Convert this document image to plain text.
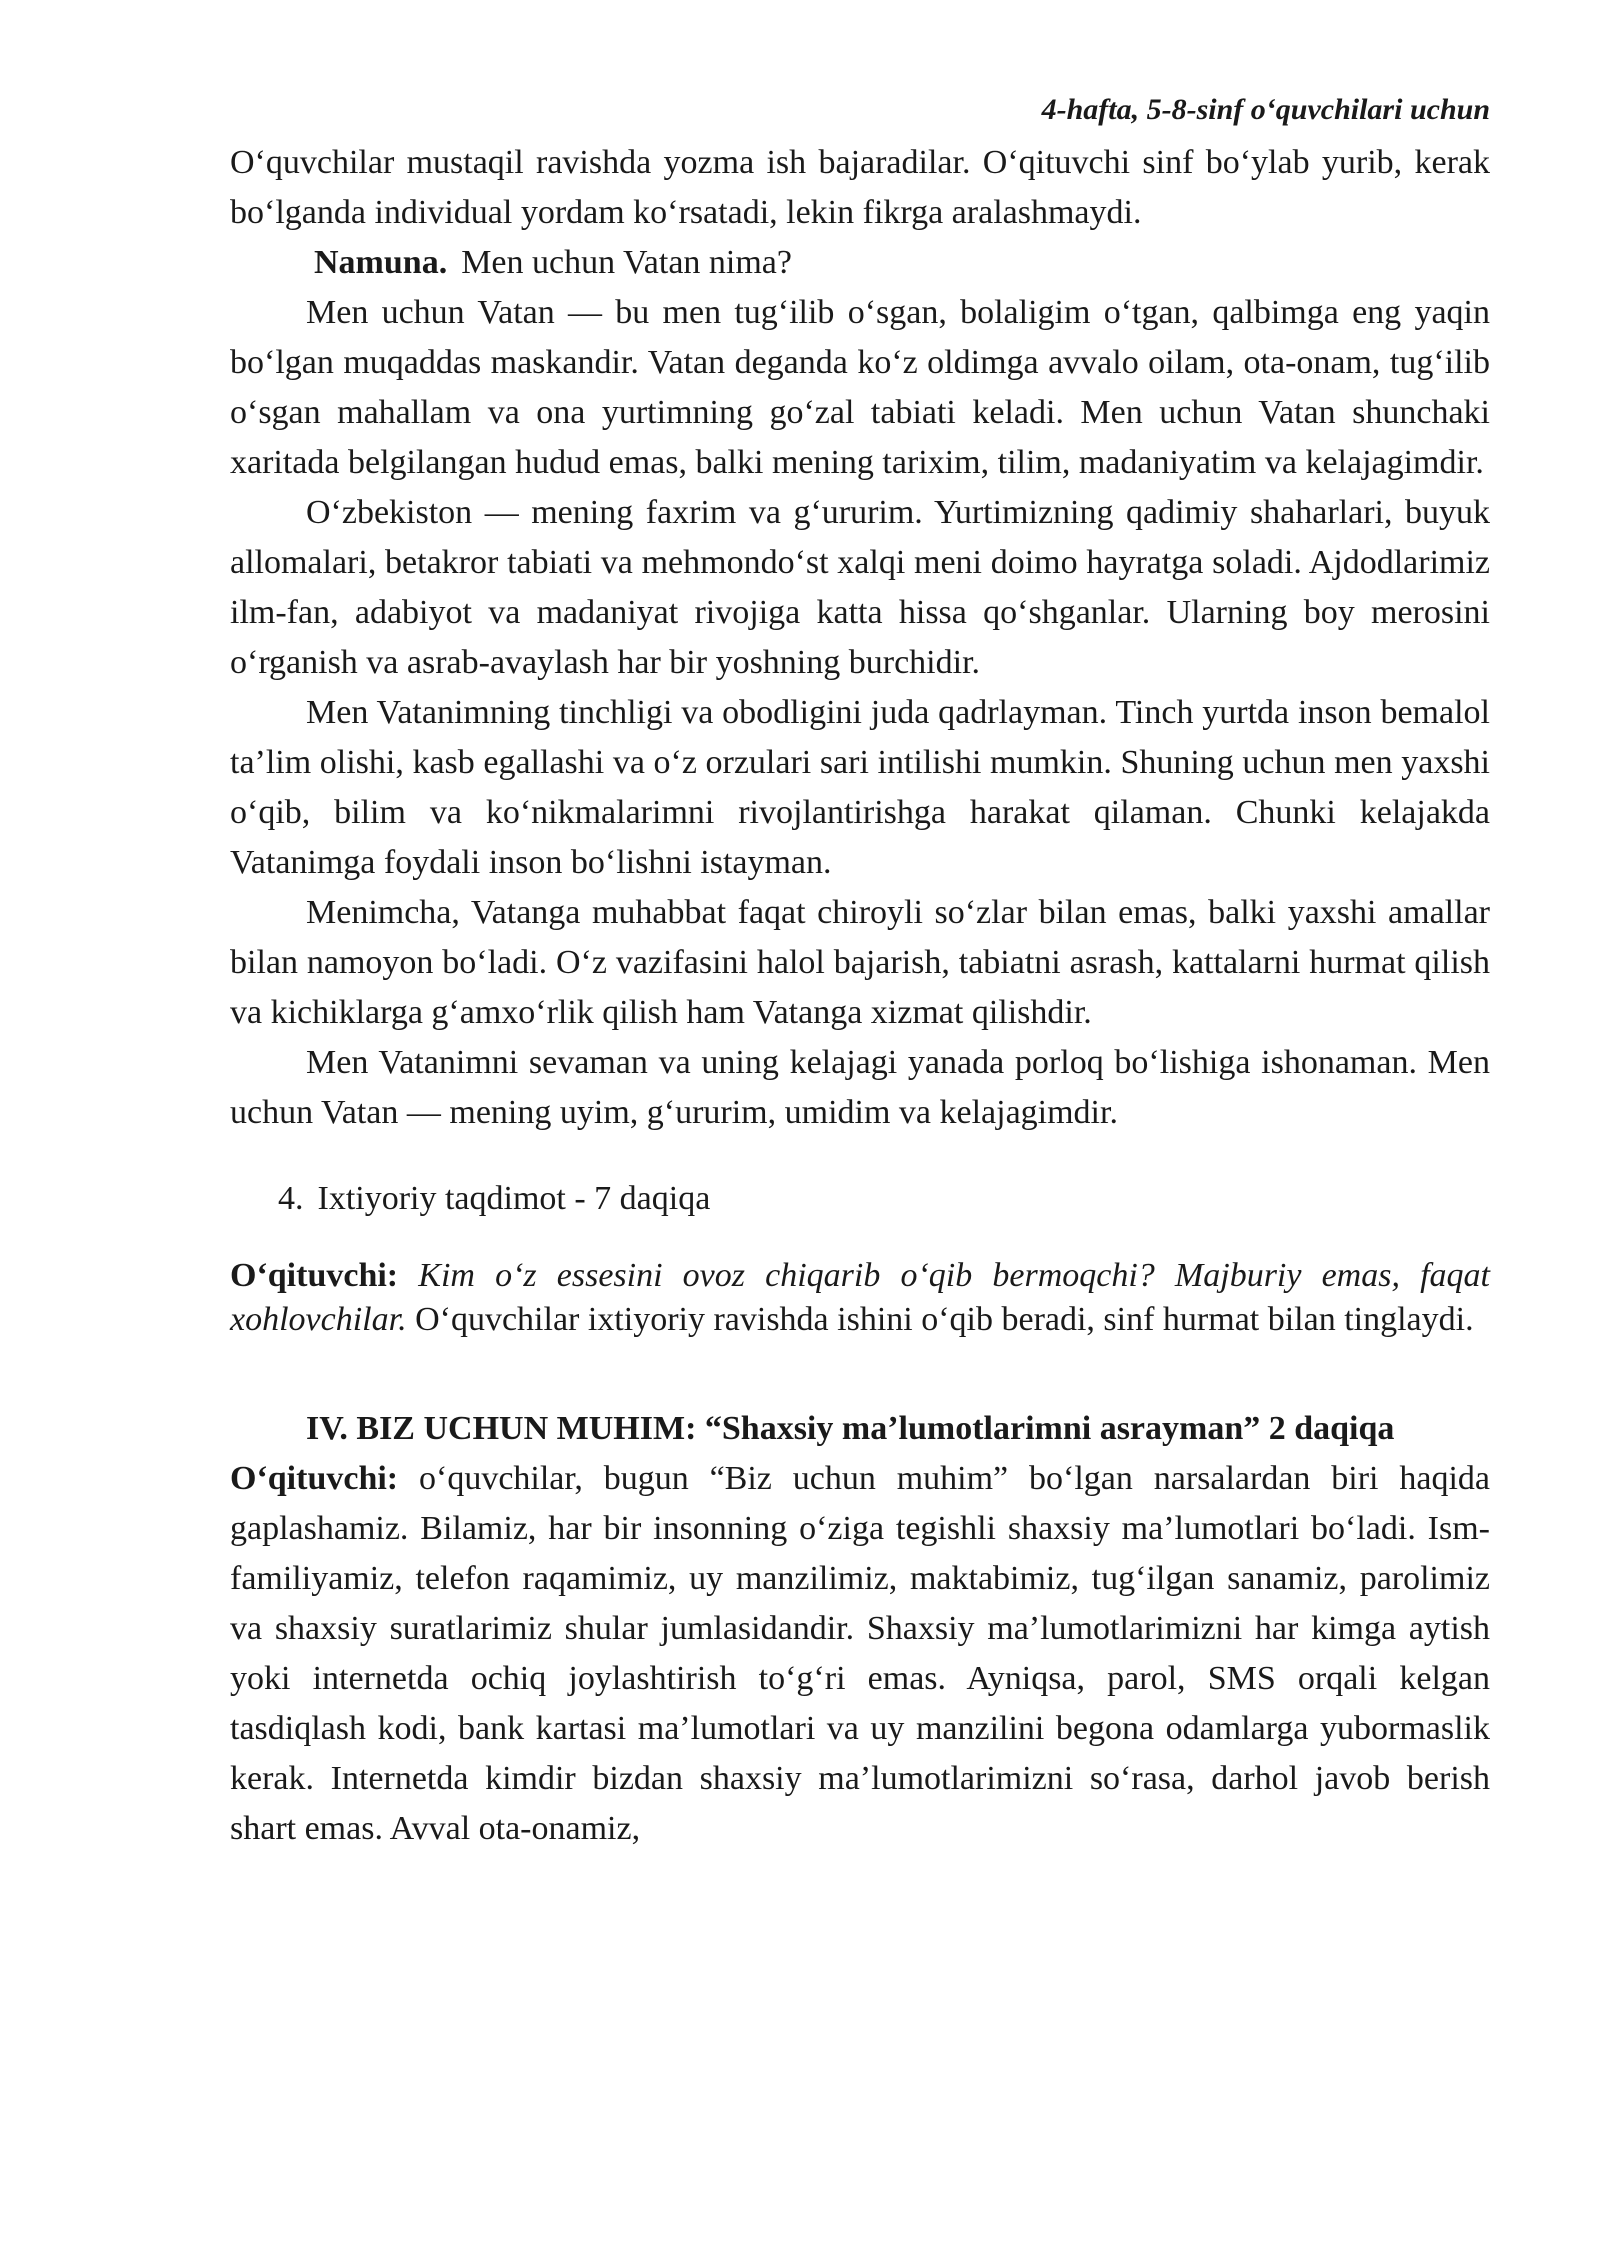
4-hafta, 5-8-sinf o‘quvchilari uchun

O‘quvchilar mustaqil ravishda yozma ish bajaradilar. O‘qituvchi sinf bo‘ylab yurib, kerak bo‘lganda individual yordam ko‘rsatadi, lekin fikrga aralashmaydi.

Namuna. Men uchun Vatan nima?

Men uchun Vatan — bu men tug‘ilib o‘sgan, bolaligim o‘tgan, qalbimga eng yaqin bo‘lgan muqaddas maskandir. Vatan deganda ko‘z oldimga avvalo oilam, ota-onam, tug‘ilib o‘sgan mahallam va ona yurtimning go‘zal tabiati keladi. Men uchun Vatan shunchaki xaritada belgilangan hudud emas, balki mening tarixim, tilim, madaniyatim va kelajagimdir.

O‘zbekiston — mening faxrim va g‘ururim. Yurtimizning qadimiy shaharlari, buyuk allomalari, betakror tabiati va mehmondo‘st xalqi meni doimo hayratga soladi. Ajdodlarimiz ilm-fan, adabiyot va madaniyat rivojiga katta hissa qo‘shganlar. Ularning boy merosini o‘rganish va asrab-avaylash har bir yoshning burchidir.

Men Vatanimning tinchligi va obodligini juda qadrlayman. Tinch yurtda inson bemalol ta’lim olishi, kasb egallashi va o‘z orzulari sari intilishi mumkin. Shuning uchun men yaxshi o‘qib, bilim va ko‘nikmalarimni rivojlantirishga harakat qilaman. Chunki kelajakda Vatanimga foydali inson bo‘lishni istayman.

Menimcha, Vatanga muhabbat faqat chiroyli so‘zlar bilan emas, balki yaxshi amallar bilan namoyon bo‘ladi. O‘z vazifasini halol bajarish, tabiatni asrash, kattalarni hurmat qilish va kichiklarga g‘amxo‘rlik qilish ham Vatanga xizmat qilishdir.

Men Vatanimni sevaman va uning kelajagi yanada porloq bo‘lishiga ishonaman. Men uchun Vatan — mening uyim, g‘ururim, umidim va kelajagimdir.

4. Ixtiyoriy taqdimot - 7 daqiqa

O‘qituvchi: Kim o‘z essesini ovoz chiqarib o‘qib bermoqchi? Majburiy emas, faqat xohlovchilar. O‘quvchilar ixtiyoriy ravishda ishini o‘qib beradi, sinf hurmat bilan tinglaydi.

IV. BIZ UCHUN MUHIM: “Shaxsiy ma’lumotlarimni asrayman” 2 daqiqa

O‘qituvchi: o‘quvchilar, bugun “Biz uchun muhim” bo‘lgan narsalardan biri haqida gaplashamiz. Bilamiz, har bir insonning o‘ziga tegishli shaxsiy ma’lumotlari bo‘ladi. Ism-familiyamiz, telefon raqamimiz, uy manzilimiz, maktabimiz, tug‘ilgan sanamiz, parolimiz va shaxsiy suratlarimiz shular jumlasidandir. Shaxsiy ma’lumotlarimizni har kimga aytish yoki internetda ochiq joylashtirish to‘g‘ri emas. Ayniqsa, parol, SMS orqali kelgan tasdiqlash kodi, bank kartasi ma’lumotlari va uy manzilini begona odamlarga yubormaslik kerak. Internetda kimdir bizdan shaxsiy ma’lumotlarimizni so‘rasa, darhol javob berish shart emas. Avval ota-onamiz,
